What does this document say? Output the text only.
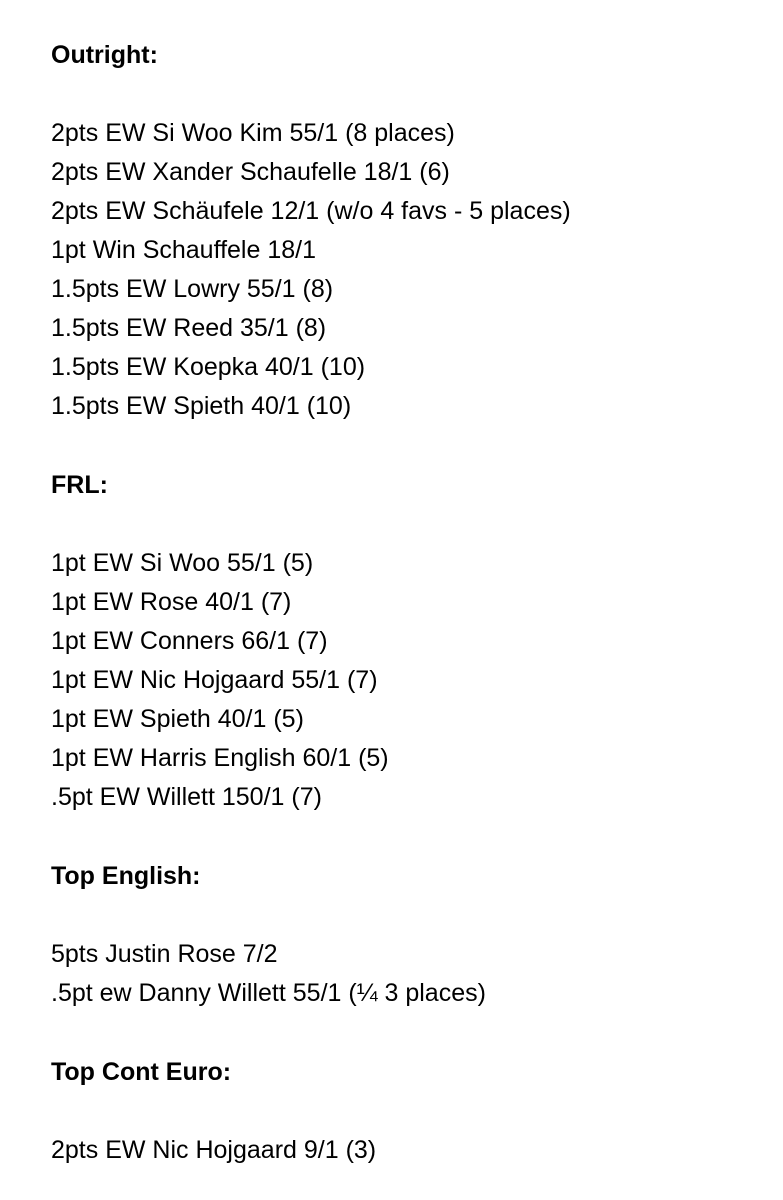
Outright:
2pts EW Si Woo Kim 55/1 (8 places)
2pts EW Xander Schaufelle 18/1 (6)
2pts EW Schäufele 12/1 (w/o 4 favs - 5 places)
1pt Win Schauffele 18/1
1.5pts EW Lowry 55/1 (8)
1.5pts EW Reed 35/1 (8)
1.5pts EW Koepka 40/1 (10)
1.5pts EW Spieth 40/1 (10)
FRL:
1pt EW Si Woo 55/1 (5)
1pt EW Rose 40/1 (7)
1pt EW Conners 66/1 (7)
1pt EW Nic Hojgaard 55/1 (7)
1pt EW Spieth 40/1 (5)
1pt EW Harris English 60/1 (5)
.5pt EW Willett 150/1 (7)
Top English:
5pts Justin Rose 7/2
.5pt ew Danny Willett 55/1 (¼ 3 places)
Top Cont Euro:
2pts EW Nic Hojgaard 9/1 (3)
